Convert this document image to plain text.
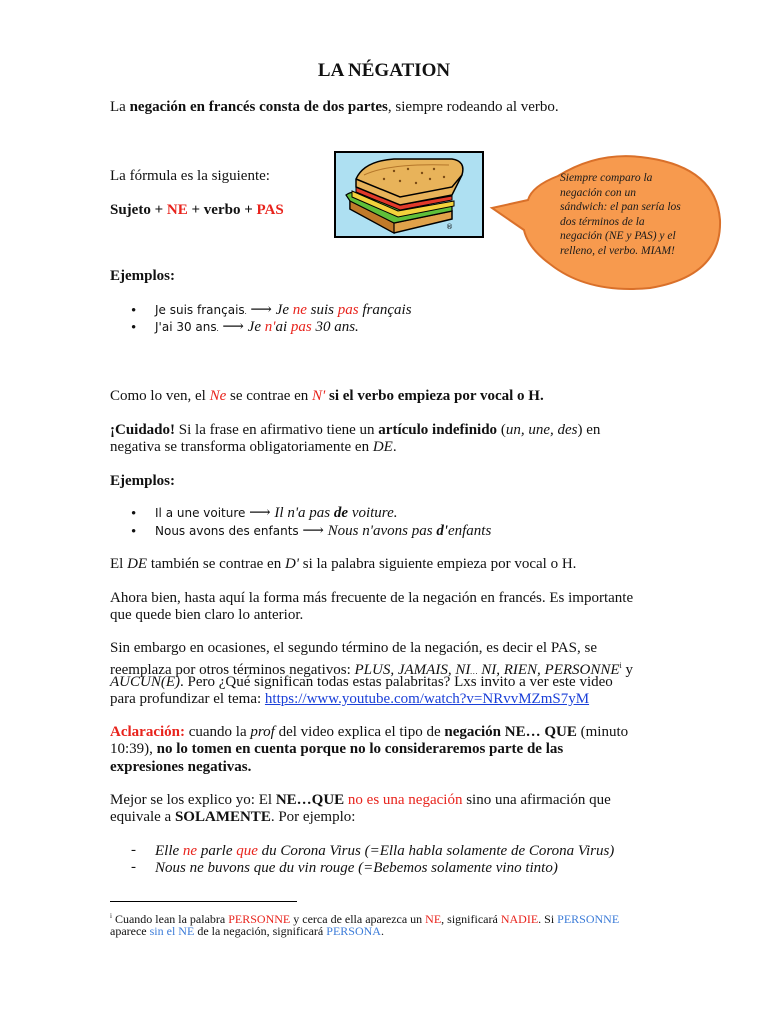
LA NÉGATION
La negación en francés consta de dos partes, siempre rodeando al verbo.
La fórmula es la siguiente:
Sujeto + NE + verbo + PAS
®
Siempre comparo la negación con un sándwich: el pan sería los dos términos de la negación (NE y PAS) y el relleno, el verbo. MIAM!
Ejemplos:
• Je suis français. ⟶ Je ne suis pas français
• J'ai 30 ans. ⟶ Je n'ai pas 30 ans.
Como lo ven, el Ne se contrae en N' si el verbo empieza por vocal o H.
¡Cuidado! Si la frase en afirmativo tiene un artículo indefinido (un, une, des) en
negativa se transforma obligatoriamente en DE.
Ejemplos:
• Il a une voiture ⟶ Il n'a pas de voiture.
• Nous avons des enfants ⟶ Nous n'avons pas d'enfants
El DE también se contrae en D' si la palabra siguiente empieza por vocal o H.
Ahora bien, hasta aquí la forma más frecuente de la negación en francés. Es importante
que quede bien claro lo anterior.
Sin embargo en ocasiones, el segundo término de la negación, es decir el PAS, se
reemplaza por otros términos negativos: PLUS, JAMAIS, NI… NI, RIEN, PERSONNE$^i$ y
AUCUN(E). Pero ¿Qué significan todas estas palabritas? Lxs invito a ver este video
para profundizar el tema: https://www.youtube.com/watch?v=NRvvMZmS7yM
Aclaración: cuando la prof del video explica el tipo de negación NE… QUE (minuto
10:39), no lo tomen en cuenta porque no lo consideraremos parte de las
expresiones negativas.
Mejor se los explico yo: El NE…QUE no es una negación sino una afirmación que
equivale a SOLAMENTE. Por ejemplo:
- Elle ne parle que du Corona Virus (=Ella habla solamente de Corona Virus)
- Nous ne buvons que du vin rouge (=Bebemos solamente vino tinto)
$^i$ Cuando lean la palabra PERSONNE y cerca de ella aparezca un NE, significará NADIE. Si PERSONNE
aparece sin el NE de la negación, significará PERSONA.
